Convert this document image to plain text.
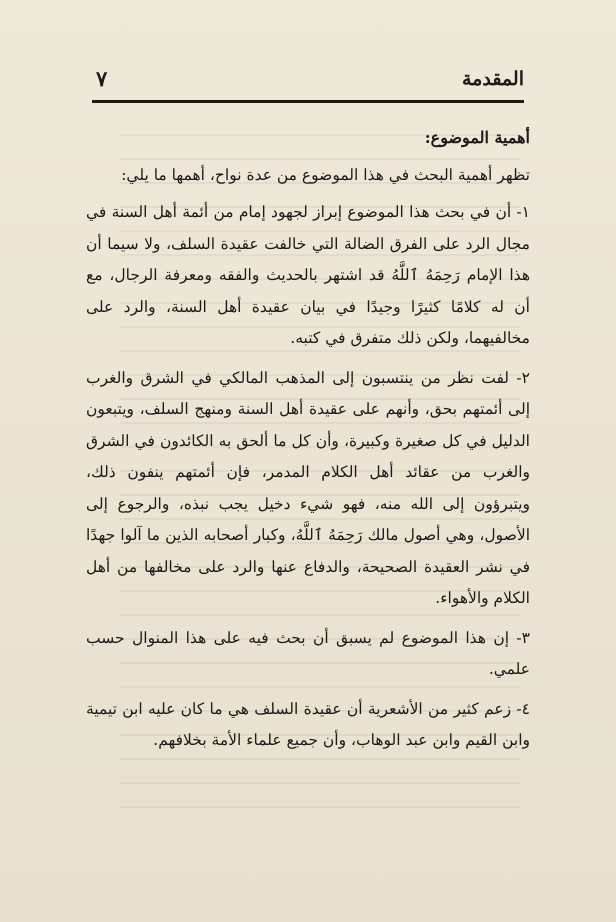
المقدمة
٧

أهمية الموضوع:

تظهر أهمية البحث في هذا الموضوع من عدة نواح، أهمها ما يلي:

١- أن في بحث هذا الموضوع إبراز لجهود إمام من أئمة أهل السنة في مجال الرد على الفرق الضالة التي خالفت عقيدة السلف، ولا سيما أن هذا الإمام رَحِمَهُ ٱللَّهُ قد اشتهر بالحديث والفقه ومعرفة الرجال، مع أن له كلامًا كثيرًا وجيدًا في بيان عقيدة أهل السنة، والرد على مخالفيهما، ولكن ذلك متفرق في كتبه.

٢- لفت نظر من ينتسبون إلى المذهب المالكي في الشرق والغرب إلى أئمتهم بحق، وأنهم على عقيدة أهل السنة ومنهج السلف، ويتبعون الدليل في كل صغيرة وكبيرة، وأن كل ما ألحق به الكائدون في الشرق والغرب من عقائد أهل الكلام المدمر، فإن أئمتهم ينفون ذلك، ويتبرؤون إلى الله منه، فهو شيء دخيل يجب نبذه، والرجوع إلى الأصول، وهي أصول مالك رَحِمَهُ ٱللَّهُ، وكبار أصحابه الذين ما آلوا جهدًا في نشر العقيدة الصحيحة، والدفاع عنها والرد على مخالفها من أهل الكلام والأهواء.

٣- إن هذا الموضوع لم يسبق أن بحث فيه على هذا المنوال حسب علمي.

٤- زعم كثير من الأشعرية أن عقيدة السلف هي ما كان عليه ابن تيمية وابن القيم وابن عبد الوهاب، وأن جميع علماء الأمة بخلافهم.
